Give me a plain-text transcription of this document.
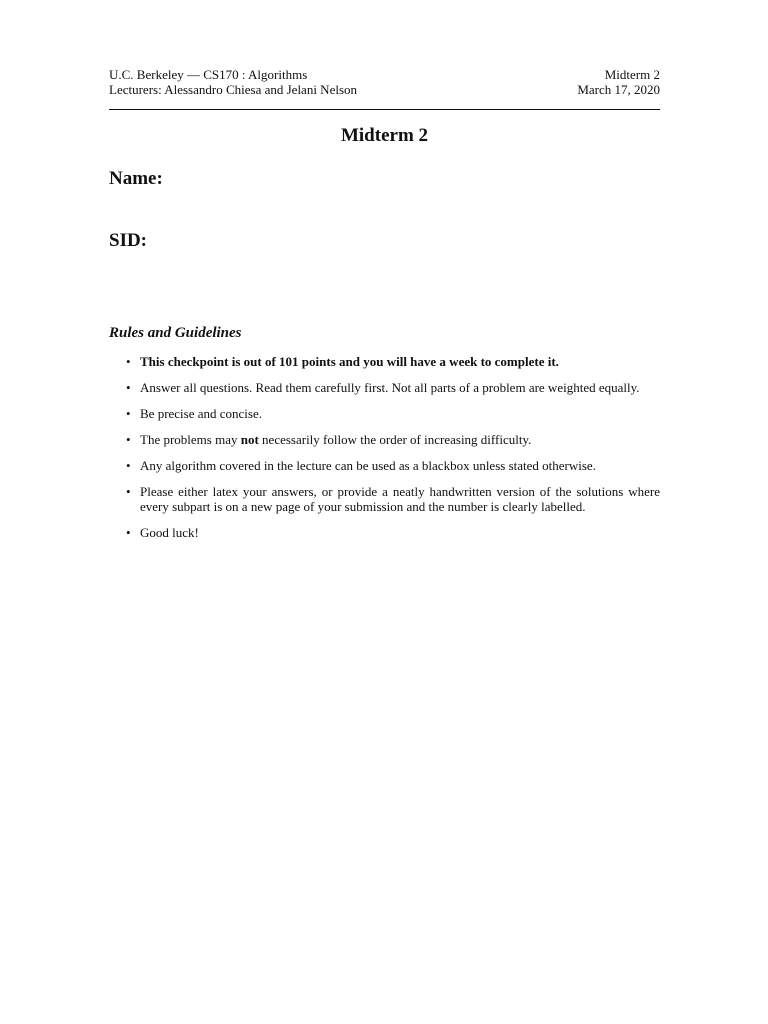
U.C. Berkeley — CS170 : Algorithms	Midterm 2
Lecturers: Alessandro Chiesa and Jelani Nelson	March 17, 2020
Midterm 2
Name:
SID:
Rules and Guidelines
• This checkpoint is out of 101 points and you will have a week to complete it.
• Answer all questions. Read them carefully first. Not all parts of a problem are weighted equally.
• Be precise and concise.
• The problems may not necessarily follow the order of increasing difficulty.
• Any algorithm covered in the lecture can be used as a blackbox unless stated otherwise.
• Please either latex your answers, or provide a neatly handwritten version of the solutions where every subpart is on a new page of your submission and the number is clearly labelled.
• Good luck!
